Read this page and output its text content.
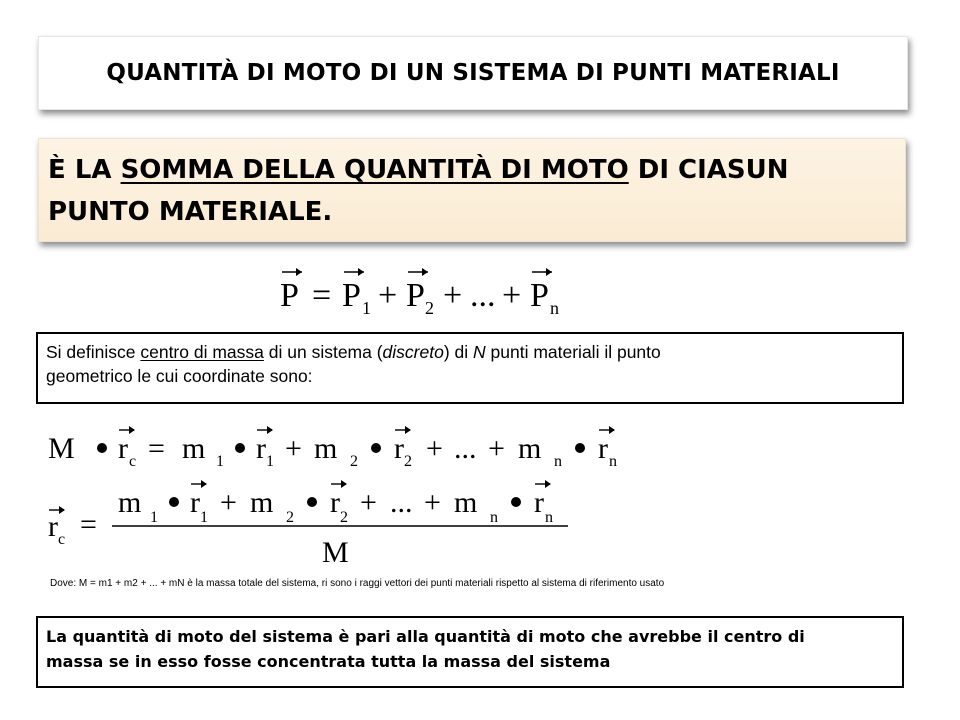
QUANTITÀ DI MOTO DI UN SISTEMA DI PUNTI MATERIALI
È LA SOMMA DELLA QUANTITÀ DI MOTO DI CIASUN
PUNTO MATERIALE.
P = P 1 + P 2 + ... + P n
Si definisce centro di massa di un sistema (discreto) di N punti materiali il punto
geometrico le cui coordinate sono:
M r c = m 1 r 1 + m 2 r 2 + ... + m n r n
r c =
m 1 r 1 + m 2 r 2 + ... + m n r n
M
Dove: M = m1 + m2 + ... + mN è la massa totale del sistema, ri sono i raggi vettori dei punti materiali rispetto al sistema di riferimento usato
La quantità di moto del sistema è pari alla quantità di moto che avrebbe il centro di
massa se in esso fosse concentrata tutta la massa del sistema
